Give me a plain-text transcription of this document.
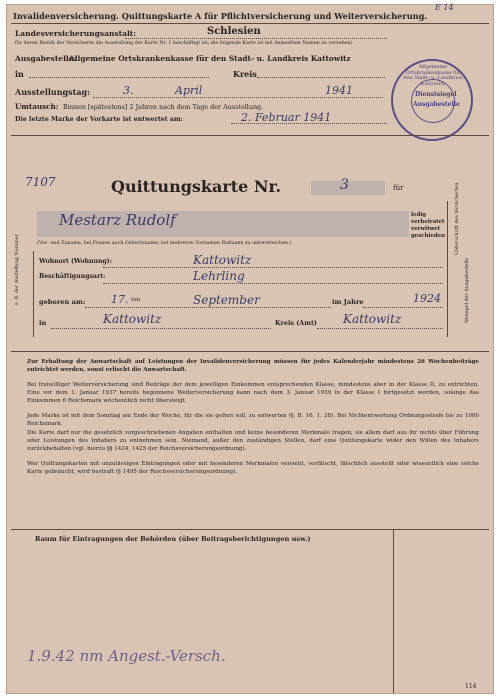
Invalidenversicherung. Quittungskarte A für Pflichtversicherung und Weiterversicherung.
E 14
Landesversicherungsanstalt:	Schlesien
für deren Bezirk der Versicherte die Ausstellung der Karte Nr. 1 beschäftigt ist; die folgende Karte ist mit demselben Namen zu versehen)
Ausgabestelle:
Allgemeine Ortskrankenkasse für den Stadt- u. Landkreis Kattowitz
in	Kreis
Ausstellungstag:	3.	April	1941
Umtausch: Binnen [spätestens] 2 Jahren nach dem Tage der Ausstellung.
Die letzte Marke der Vorkarte ist entwertet am:	2. Februar 1941
Allgemeine Ortskrankenkasse für den Stadt- u. Landkreis Kattowitz
Dienstsiegel
Ausgabestelle
7107	Quittungskarte Nr.	3	für
Mestarz Rudolf	ledig
verheiratet
verwitwet
geschieden
(Vor- und Zuname, bei Frauen auch Geburtsname; bei mehreren Vornamen Rufname zu unterstreichen.)
s. B. der Anstellung Nummer
Unterschrift des Versicherten
Stempel der Ausgabestelle
Wohnort (Wohnung):	Kattowitz
Beschäftigungsart:	Lehrling
geboren am: 17. ten	September	im Jahre	1924
in	Kattowitz	Kreis (Amt) Kattowitz
Zur Erhaltung der Anwartschaft auf Leistungen der Invalidenversicherung müssen für jedes Kalenderjahr mindestens 26 Wochenbeiträge entrichtet werden, sonst erlischt die Anwartschaft.
Bei freiwilliger Weiterversicherung sind Beiträge der dem jeweiligen Einkommen entsprechenden Klasse, mindestens aber in der Klasse II, zu entrichten. Eine vor dem 1. Januar 1937 bereits begonnene Weiterversicherung kann nach dem 3. Januar 1939 in der Klasse I fortgesetzt werden, solange das Einkommen 6 Reichsmark wöchentlich nicht übersteigt.
Jede Marke ist mit dem Sonntag am Ende der Woche, für die sie gelten soll, zu entwerten (§. B. 16. 1. 38). Bei Nichtentwertung Ordnungsstrafe bis zu 1000 Reichsmark.
Die Karte darf nur die gesetzlich vorgeschriebenen Angaben enthalten und keine besonderen Merkmale tragen; sie allem darf aus ihr nichts über Führung oder Leistungen des Inhabers zu entnehmen sein. Niemand, außer den zuständigen Stellen, darf eine Quittungskarte wider den Willen des Inhabers zurückbehalten (vgl. hierzu §§ 1424, 1425 der Reichsversicherungsordnung).
Wer Quittungskarten mit unzulässigen Eintragungen oder mit besonderen Merkmalen versieht, verfälscht, fälschlich ausstellt oder wissentlich eine solche Karte gebraucht, wird bestraft (§ 1495 der Reichsversicherungsordnung).
Raum für Eintragungen der Behörden (über Beitragsberichtigungen usw.)
1.9.42 nm Angest.-Versch.
114
